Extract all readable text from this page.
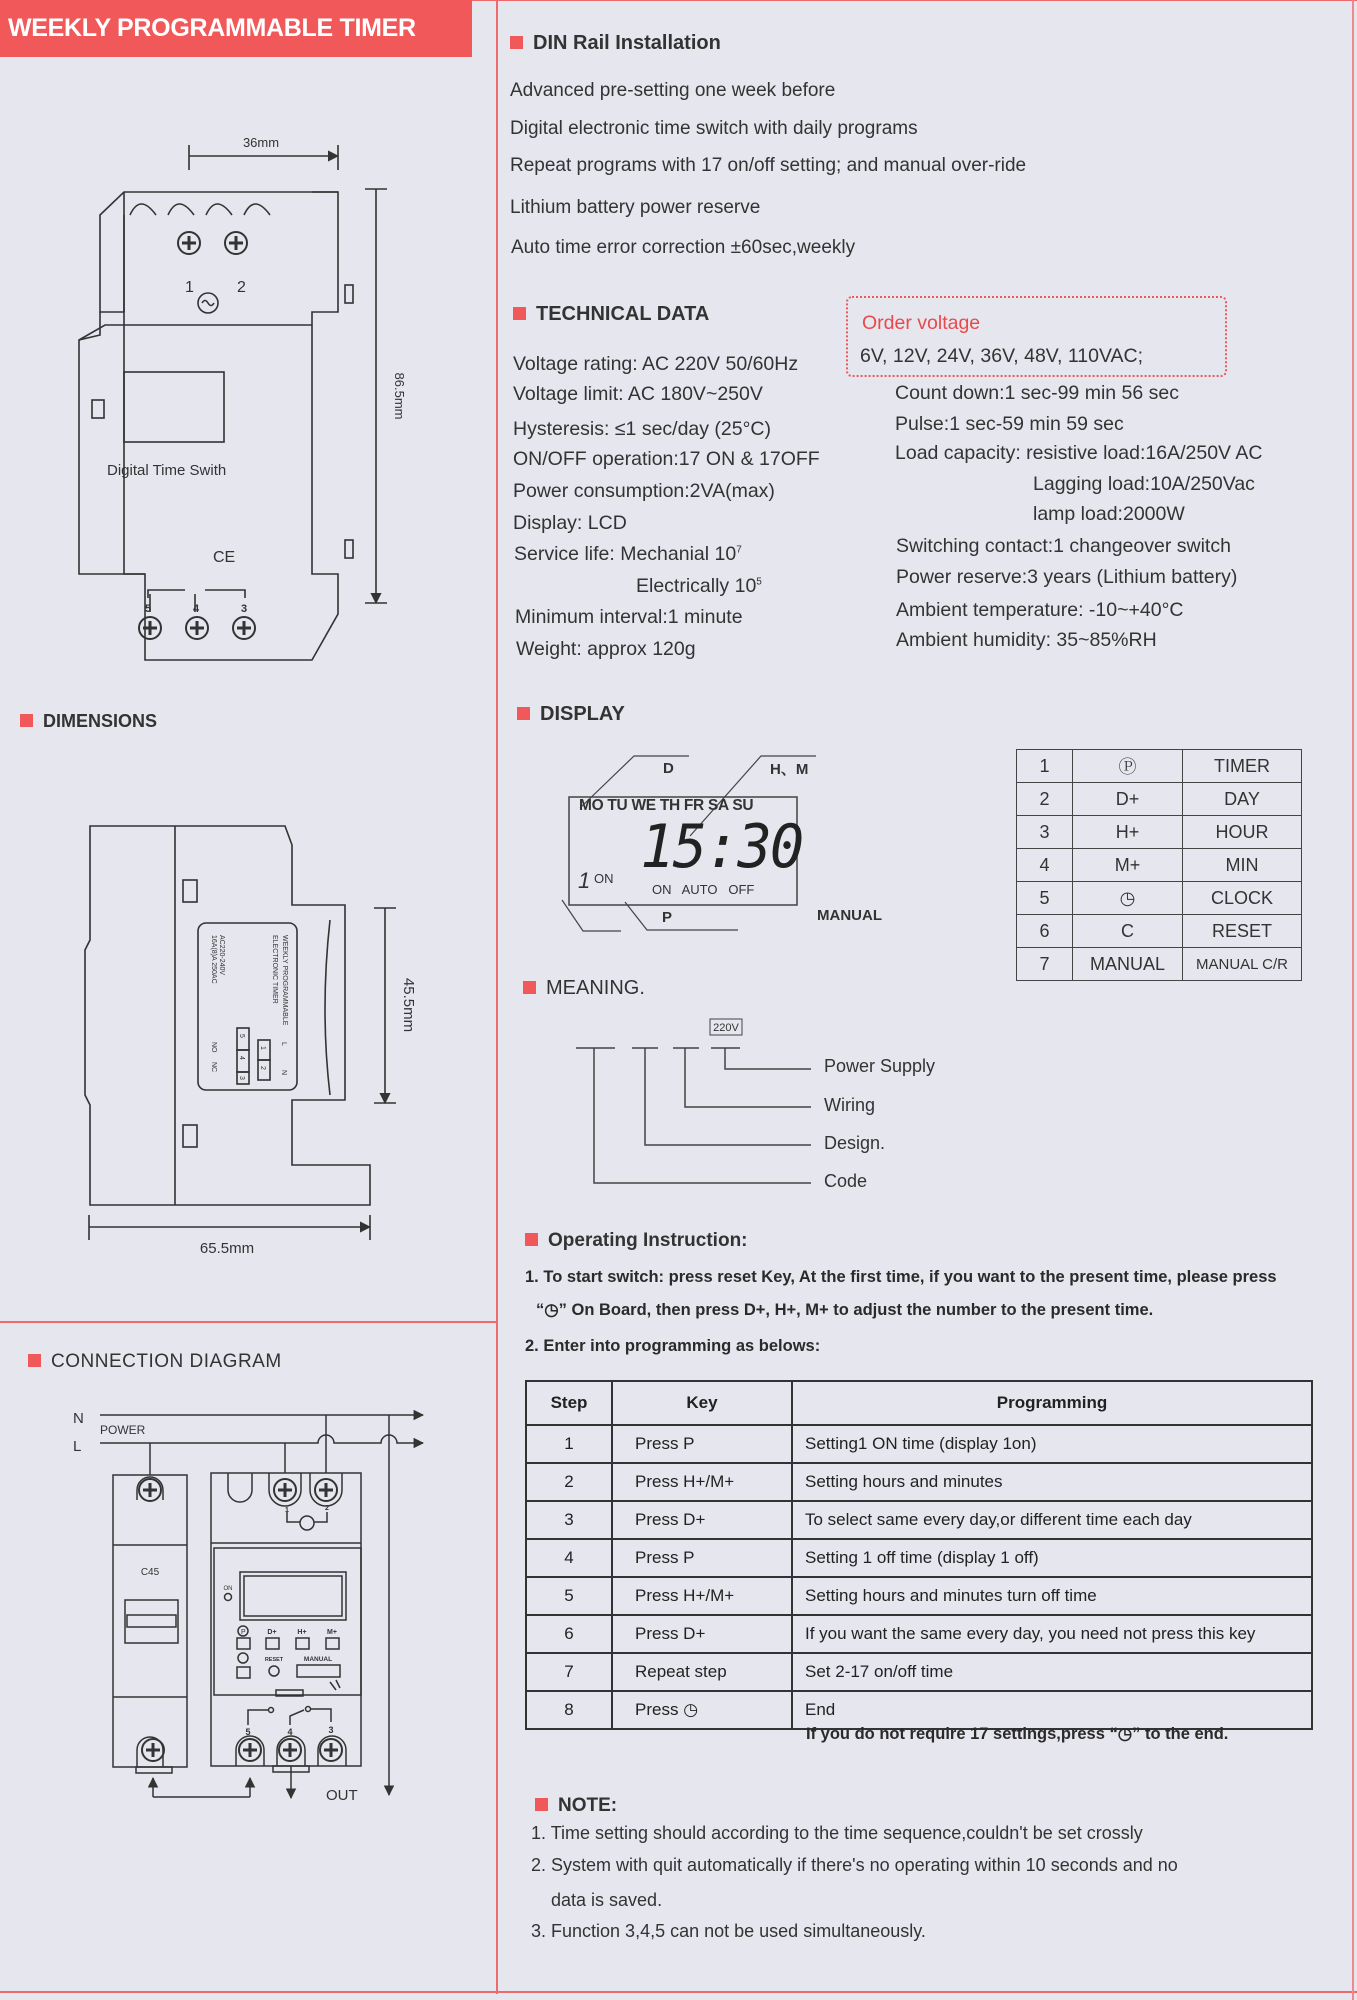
WEEKLY PROGRAMMABLE TIMER
DIN Rail Installation
Advanced pre-setting one week before
Digital electronic time switch with daily programs
Repeat programs with 17 on/off setting; and manual over-ride
Lithium battery power reserve
Auto time error correction ±60sec,weekly
TECHNICAL DATA	Order voltage
6V, 12V, 24V, 36V, 48V, 110VAC;
Voltage rating: AC 220V 50/60Hz
Voltage limit: AC 180V~250V
Hysteresis: ≤1 sec/day (25°C)
ON/OFF operation:17 ON & 17OFF
Power consumption:2VA(max)
Display: LCD
Service life: Mechanial $10^7$
Electrically $10^5$
Minimum interval:1 minute
Weight: approx 120g
Count down:1 sec-99 min 56 sec
Pulse:1 sec-59 min 59 sec
Load capacity: resistive load:16A/250V AC
Lagging load:10A/250Vac
lamp load:2000W
Switching contact:1 changeover switch
Power reserve:3 years (Lithium battery)
Ambient temperature: -10~+40°C
Ambient humidity: 35~85%RH
DISPLAY
220V
MO TU WE TH FR SA SU
15:30
1 ON
ON   AUTO   OFF
D	H、M
P	MANUAL
1	Ⓟ	TIMER
2	D+	DAY
3	H+	HOUR
4	M+	MIN
5	◷	CLOCK
6	C	RESET
7	MANUAL	MANUAL C/R
MEANING.
Power Supply
Wiring
Design.
Code
Operating Instruction:
1. To start switch: press reset Key, At the first time, if you want to the present time, please press
“◷” On Board, then press D+, H+, M+ to adjust the number to the present time.
2. Enter into programming as belows:
Step	Key	Programming
1	Press P	Setting1 ON time (display 1on)
2	Press H+/M+	Setting hours and minutes
3	Press D+	To select same every day,or different time each day
4	Press P	Setting 1 off time (display 1 off)
5	Press H+/M+	Setting hours and minutes turn off time
6	Press D+	If you want the same every day, you need not press this key
7	Repeat step	Set 2-17 on/off time
8	Press ◷	End
If you do not require 17 settings,press “◷” to the end.
NOTE:
1. Time setting should according to the time sequence,couldn't be set crossly
2. System with quit automatically if there's no operating within 10 seconds and no
data is saved.
3. Function 3,4,5 can not be used simultaneously.
DIMENSIONS
CONNECTION DIAGRAM
36mm
86.5mm
Digital Time Swith
CE
1	2
5	4	3
WEEKLY PROGRAMMABLE
ELECTRONIC TIMER
AC220-240V
16A(8)A 250AC
L
N
1
2
5
4
3
NO
NC
45.5mm
65.5mm
N
POWER
L
C45
ON
P	D+	H+	M+
RESET	MANUAL
1	2
5	4	3
OUT
